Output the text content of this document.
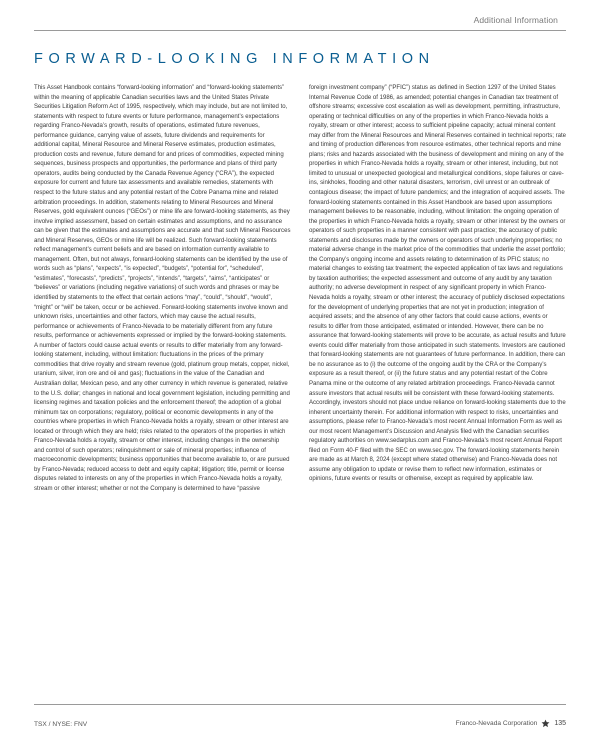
Additional Information
FORWARD-LOOKING INFORMATION

This Asset Handbook contains “forward-looking information” and “forward-looking statements” within the meaning of applicable Canadian securities laws and the United States Private Securities Litigation Reform Act of 1995, respectively, which may include, but are not limited to, statements with respect to future events or future performance, management’s expectations regarding Franco-Nevada’s growth, results of operations, estimated future revenues, performance guidance, carrying value of assets, future dividends and requirements for additional capital, Mineral Resource and Mineral Reserve estimates, production estimates, production costs and revenue, future demand for and prices of commodities, expected mining sequences, business prospects and opportunities, the performance and plans of third party operators, audits being conducted by the Canada Revenue Agency (“CRA”), the expected exposure for current and future tax assessments and available remedies, statements with respect to the future status and any potential restart of the Cobre Panama mine and related arbitration proceedings. In addition, statements relating to Mineral Resources and Mineral Reserves, gold equivalent ounces (“GEOs”) or mine life are forward-looking statements, as they involve implied assessment, based on certain estimates and assumptions, and no assurance can be given that the estimates and assumptions are accurate and that such Mineral Resources and Mineral Reserves, GEOs or mine life will be realized. Such forward-looking statements reflect management’s current beliefs and are based on information currently available to management. Often, but not always, forward-looking statements can be identified by the use of words such as “plans”, “expects”, “is expected”, “budgets”, “potential for”, “scheduled”, “estimates”, “forecasts”, “predicts”, “projects”, “intends”, “targets”, “aims”, “anticipates” or “believes” or variations (including negative variations) of such words and phrases or may be identified by statements to the effect that certain actions “may”, “could”, “should”, “would”, “might” or “will” be taken, occur or be achieved. Forward-looking statements involve known and unknown risks, uncertainties and other factors, which may cause the actual results, performance or achievements of Franco-Nevada to be materially different from any future results, performance or achievements expressed or implied by the forward-looking statements. A number of factors could cause actual events or results to differ materially from any forward-looking statement, including, without limitation: fluctuations in the prices of the primary commodities that drive royalty and stream revenue (gold, platinum group metals, copper, nickel, uranium, silver, iron ore and oil and gas); fluctuations in the value of the Canadian and Australian dollar, Mexican peso, and any other currency in which revenue is generated, relative to the U.S. dollar; changes in national and local government legislation, including permitting and licensing regimes and taxation policies and the enforcement thereof; the adoption of a global minimum tax on corporations; regulatory, political or economic developments in any of the countries where properties in which Franco-Nevada holds a royalty, stream or other interest are located or through which they are held; risks related to the operators of the properties in which Franco-Nevada holds a royalty, stream or other interest, including changes in the ownership and control of such operators; relinquishment or sale of mineral properties; influence of macroeconomic developments; business opportunities that become available to, or are pursued by Franco-Nevada; reduced access to debt and equity capital; litigation; title, permit or license disputes related to interests on any of the properties in which Franco-Nevada holds a royalty, stream or other interest; whether or not the Company is determined to have “passive

foreign investment company” (“PFIC”) status as defined in Section 1297 of the United States Internal Revenue Code of 1986, as amended; potential changes in Canadian tax treatment of offshore streams; excessive cost escalation as well as development, permitting, infrastructure, operating or technical difficulties on any of the properties in which Franco-Nevada holds a royalty, stream or other interest; access to sufficient pipeline capacity; actual mineral content may differ from the Mineral Resources and Mineral Reserves contained in technical reports; rate and timing of production differences from resource estimates, other technical reports and mine plans; risks and hazards associated with the business of development and mining on any of the properties in which Franco-Nevada holds a royalty, stream or other interest, including, but not limited to unusual or unexpected geological and metallurgical conditions, slope failures or cave-ins, sinkholes, flooding and other natural disasters, terrorism, civil unrest or an outbreak of contagious disease; the impact of future pandemics; and the integration of acquired assets. The forward-looking statements contained in this Asset Handbook are based upon assumptions management believes to be reasonable, including, without limitation: the ongoing operation of the properties in which Franco-Nevada holds a royalty, stream or other interest by the owners or operators of such properties in a manner consistent with past practice; the accuracy of public statements and disclosures made by the owners or operators of such underlying properties; no material adverse change in the market price of the commodities that underlie the asset portfolio; the Company’s ongoing income and assets relating to determination of its PFIC status; no material changes to existing tax treatment; the expected application of tax laws and regulations by taxation authorities; the expected assessment and outcome of any audit by any taxation authority; no adverse development in respect of any significant property in which Franco-Nevada holds a royalty, stream or other interest; the accuracy of publicly disclosed expectations for the development of underlying properties that are not yet in production; integration of acquired assets; and the absence of any other factors that could cause actions, events or results to differ from those anticipated, estimated or intended. However, there can be no assurance that forward-looking statements will prove to be accurate, as actual results and future events could differ materially from those anticipated in such statements. Investors are cautioned that forward-looking statements are not guarantees of future performance. In addition, there can be no assurance as to (i) the outcome of the ongoing audit by the CRA or the Company’s exposure as a result thereof, or (ii) the future status and any potential restart of the Cobre Panama mine or the outcome of any related arbitration proceedings. Franco-Nevada cannot assure investors that actual results will be consistent with these forward-looking statements. Accordingly, investors should not place undue reliance on forward-looking statements due to the inherent uncertainty therein. For additional information with respect to risks, uncertainties and assumptions, please refer to Franco-Nevada’s most recent Annual Information Form as well as our most recent Management’s Discussion and Analysis filed with the Canadian securities regulatory authorities on www.sedarplus.com and Franco-Nevada’s most recent Annual Report filed on Form 40-F filed with the SEC on www.sec.gov. The forward-looking statements herein are made as at March 8, 2024 (except where stated otherwise) and Franco-Nevada does not assume any obligation to update or revise them to reflect new information, estimates or opinions, future events or results or otherwise, except as required by applicable law.

TSX / NYSE: FNV	Franco-Nevada Corporation 135
